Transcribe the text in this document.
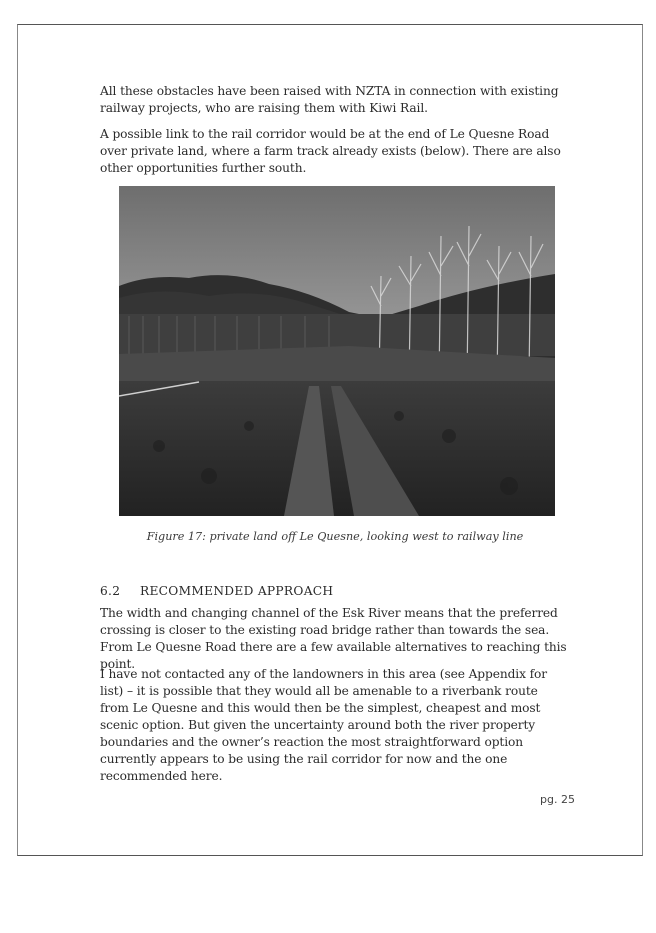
All these obstacles have been raised with NZTA in connection with existing railway projects, who are raising them with Kiwi Rail.

A possible link to the rail corridor would be at the end of Le Quesne Road over private land, where a farm track already exists (below). There are also other opportunities further south.

Figure 17: private land off Le Quesne, looking west to railway line
6.2 RECOMMENDED APPROACH

The width and changing channel of the Esk River means that the preferred crossing is closer to the existing road bridge rather than towards the sea. From Le Quesne Road there are a few available alternatives to reaching this point.

I have not contacted any of the landowners in this area (see Appendix for list) – it is possible that they would all be amenable to a riverbank route from Le Quesne and this would then be the simplest, cheapest and most scenic option. But given the uncertainty around both the river property boundaries and the owner’s reaction the most straightforward option currently appears to be using the rail corridor for now and the one recommended here.

pg. 25
